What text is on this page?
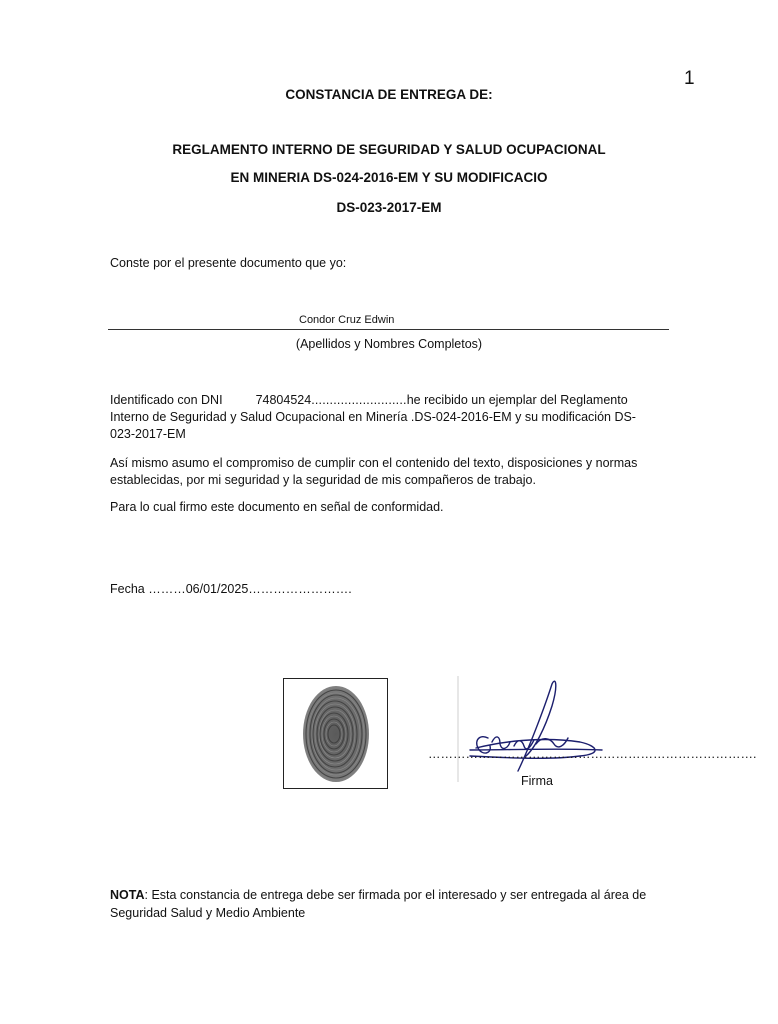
1
CONSTANCIA DE ENTREGA DE:
REGLAMENTO INTERNO DE SEGURIDAD Y SALUD OCUPACIONAL
EN MINERIA DS-024-2016-EM Y SU MODIFICACIO
DS-023-2017-EM
Conste por el presente documento que yo:
Condor Cruz Edwin
(Apellidos y Nombres Completos)
Identificado con DNI	74804524..........................he recibido un ejemplar del Reglamento
Interno de Seguridad y Salud Ocupacional en Minería .DS-024-2016-EM y su modificación DS-
023-2017-EM
Así mismo asumo el compromiso de cumplir con el contenido del texto, disposiciones y normas
establecidas, por mi seguridad y la seguridad de mis compañeros de trabajo.
Para lo cual firmo este documento en señal de conformidad.
Fecha ………06/01/2025…………………….
…………………………………………………………………….
Firma
NOTA: Esta constancia de entrega debe ser firmada por el interesado y ser entregada al área de
Seguridad Salud y Medio Ambiente
